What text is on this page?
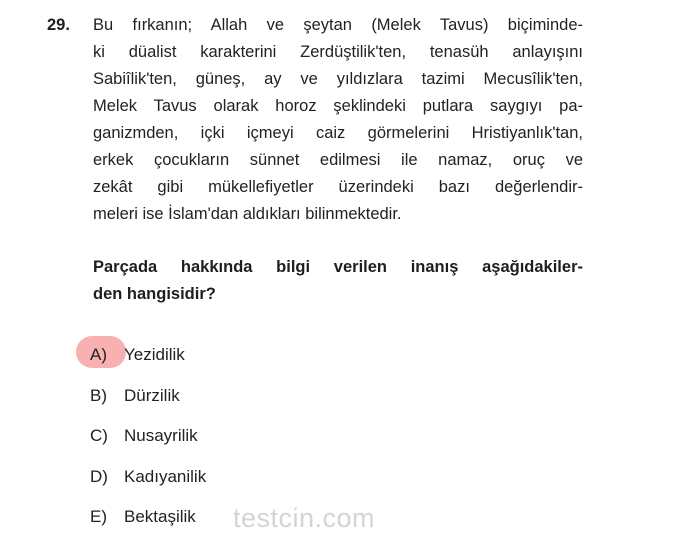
29. Bu fırkanın; Allah ve şeytan (Melek Tavus) biçiminde-
ki düalist karakterini Zerdüştilik'ten, tenasüh anlayışını
Sabiîlik'ten, güneş, ay ve yıldızlara tazimi Mecusîlik'ten,
Melek Tavus olarak horoz şeklindeki putlara saygıyı pa-
ganizmden, içki içmeyi caiz görmelerini Hristiyanlık'tan,
erkek çocukların sünnet edilmesi ile namaz, oruç ve
zekât gibi mükellefiyetler üzerindeki bazı değerlendir-
meleri ise İslam'dan aldıkları bilinmektedir.
Parçada hakkında bilgi verilen inanış aşağıdakiler-
den hangisidir?
A)	Yezidilik
B)	Dürzilik
C) Nusayrilik
D) Kadıyanilik
E)	Bektaşilik testcin.com
